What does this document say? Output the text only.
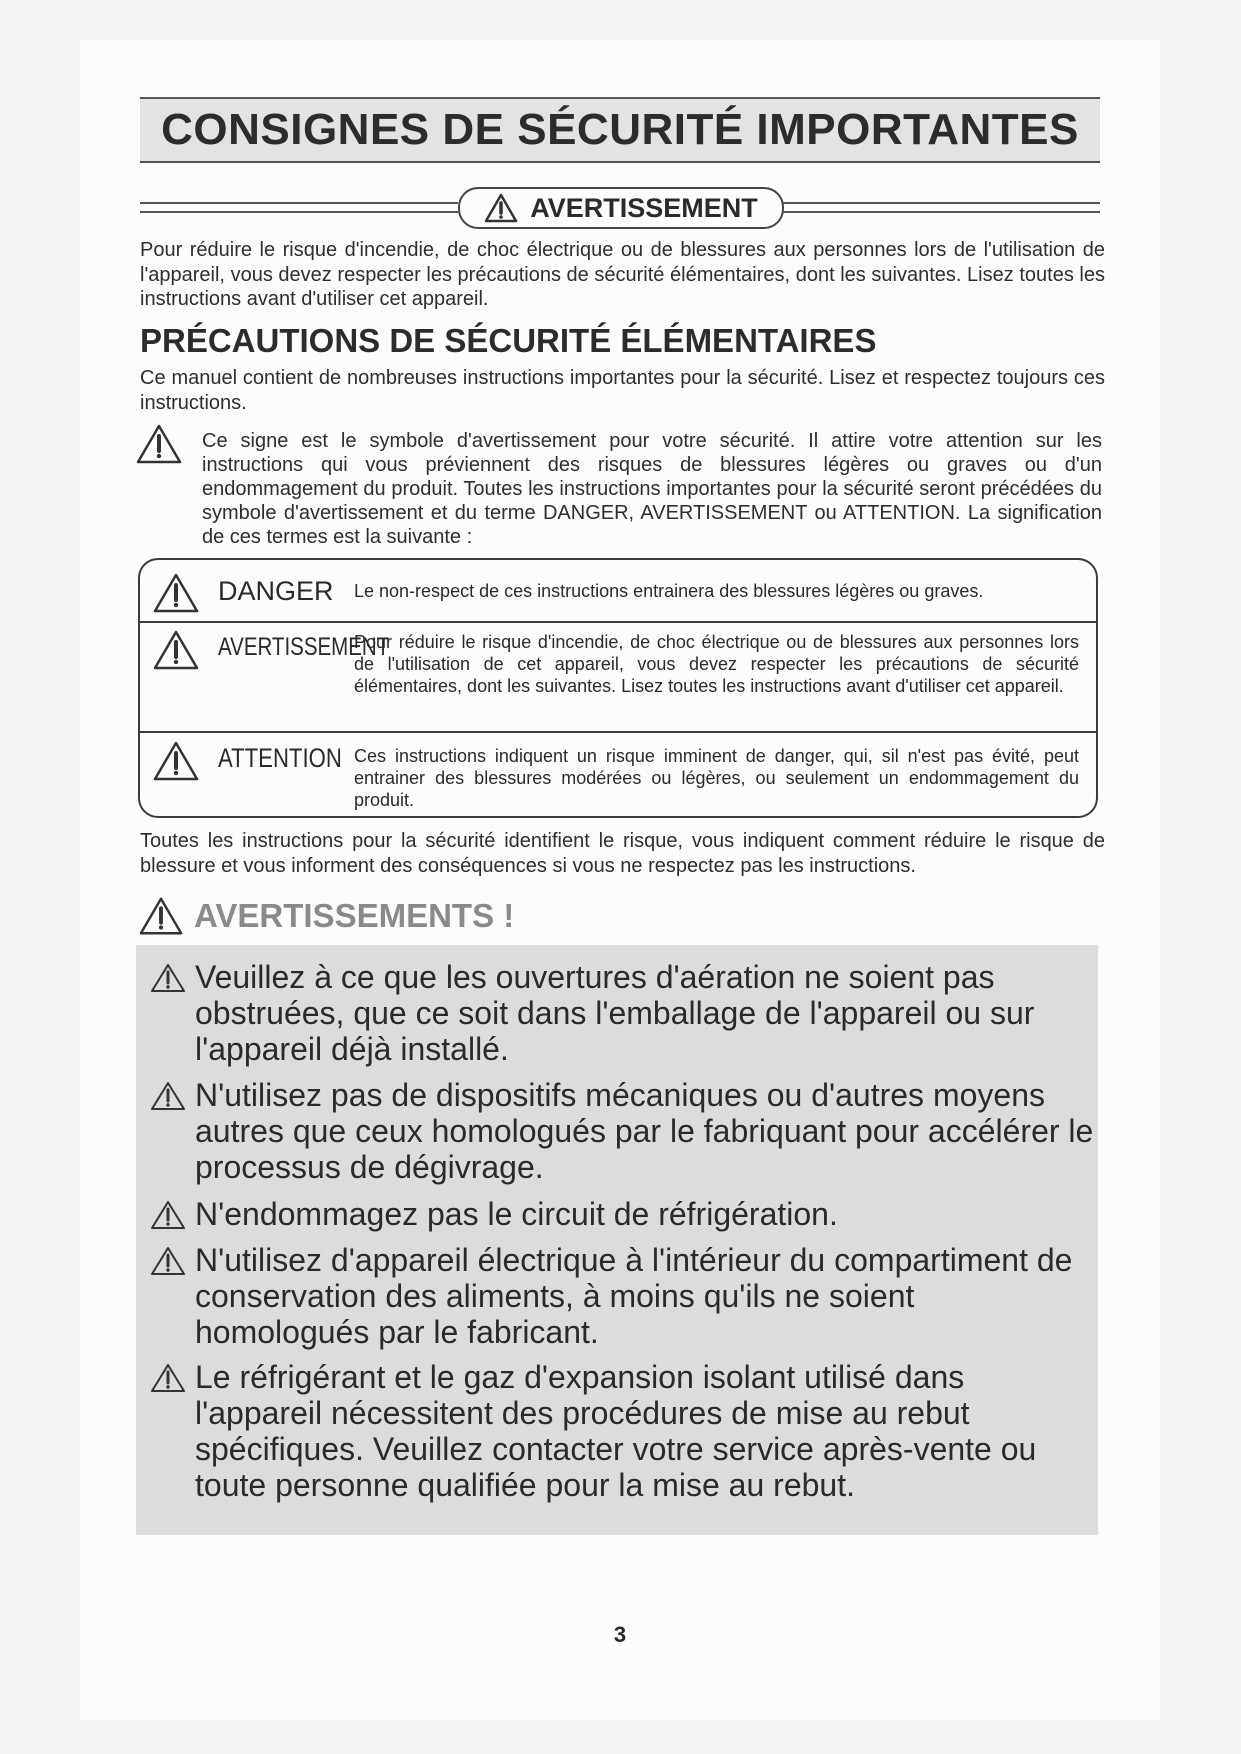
CONSIGNES DE SÉCURITÉ IMPORTANTES
AVERTISSEMENT
Pour réduire le risque d'incendie, de choc électrique ou de blessures aux personnes lors de l'utilisation de l'appareil, vous devez respecter les précautions de sécurité élémentaires, dont les suivantes. Lisez toutes les instructions avant d'utiliser cet appareil.
PRÉCAUTIONS DE SÉCURITÉ ÉLÉMENTAIRES
Ce manuel contient de nombreuses instructions importantes pour la sécurité. Lisez et respectez toujours ces instructions.
Ce signe est le symbole d'avertissement pour votre sécurité. Il attire votre attention sur les instructions qui vous préviennent des risques de blessures légères ou graves ou d'un endommagement du produit. Toutes les instructions importantes pour la sécurité seront précédées du symbole d'avertissement et du terme DANGER, AVERTISSEMENT ou ATTENTION. La signification de ces termes est la suivante :
DANGER Le non-respect de ces instructions entrainera des blessures légères ou graves.
AVERTISSEMENT
Pour réduire le risque d'incendie, de choc électrique ou de blessures aux personnes lors de l'utilisation de cet appareil, vous devez respecter les précautions de sécurité élémentaires, dont les suivantes. Lisez toutes les instructions avant d'utiliser cet appareil.
ATTENTION Ces instructions indiquent un risque imminent de danger, qui, sil n'est pas évité, peut entrainer des blessures modérées ou légères, ou seulement un endommagement du produit.
Toutes les instructions pour la sécurité identifient le risque, vous indiquent comment réduire le risque de blessure et vous informent des conséquences si vous ne respectez pas les instructions.
AVERTISSEMENTS !
Veuillez à ce que les ouvertures d'aération ne soient pas obstruées, que ce soit dans l'emballage de l'appareil ou sur l'appareil déjà installé.
N'utilisez pas de dispositifs mécaniques ou d'autres moyens autres que ceux homologués par le fabriquant pour accélérer le processus de dégivrage.
N'endommagez pas le circuit de réfrigération.
N'utilisez d'appareil électrique à l'intérieur du compartiment de conservation des aliments, à moins qu'ils ne soient homologués par le fabricant.
Le réfrigérant et le gaz d'expansion isolant utilisé dans l'appareil nécessitent des procédures de mise au rebut spécifiques. Veuillez contacter votre service après-vente ou toute personne qualifiée pour la mise au rebut.
3
